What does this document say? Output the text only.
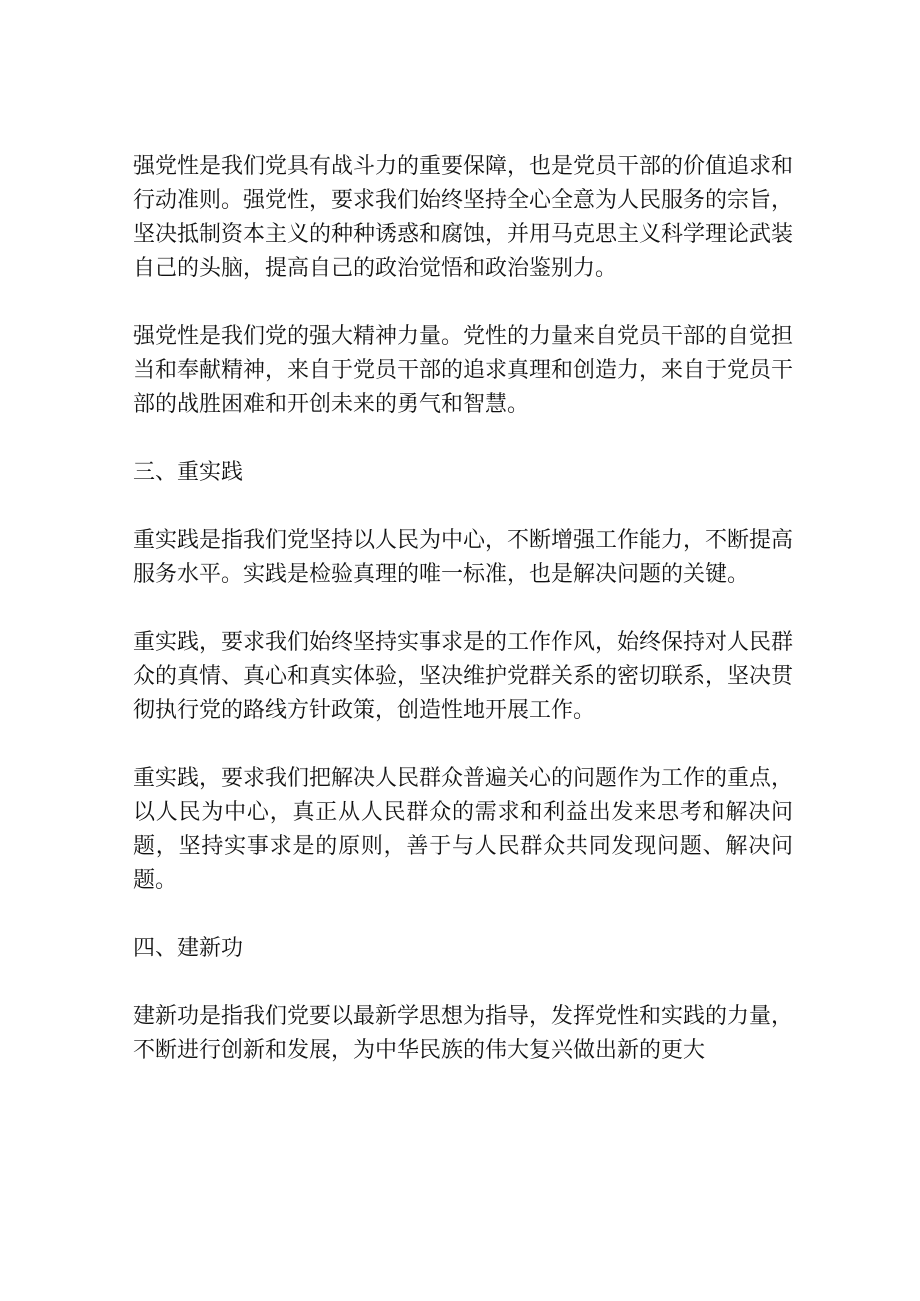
强党性是我们党具有战斗力的重要保障，也是党员干部的价值追求和行动准则。强党性，要求我们始终坚持全心全意为人民服务的宗旨，坚决抵制资本主义的种种诱惑和腐蚀，并用马克思主义科学理论武装自己的头脑，提高自己的政治觉悟和政治鉴别力。

强党性是我们党的强大精神力量。党性的力量来自党员干部的自觉担当和奉献精神，来自于党员干部的追求真理和创造力，来自于党员干部的战胜困难和开创未来的勇气和智慧。

三、重实践

重实践是指我们党坚持以人民为中心，不断增强工作能力，不断提高服务水平。实践是检验真理的唯一标准，也是解决问题的关键。

重实践，要求我们始终坚持实事求是的工作作风，始终保持对人民群众的真情、真心和真实体验，坚决维护党群关系的密切联系，坚决贯彻执行党的路线方针政策，创造性地开展工作。

重实践，要求我们把解决人民群众普遍关心的问题作为工作的重点，以人民为中心，真正从人民群众的需求和利益出发来思考和解决问题，坚持实事求是的原则，善于与人民群众共同发现问题、解决问题。

四、建新功

建新功是指我们党要以最新学思想为指导，发挥党性和实践的力量，不断进行创新和发展，为中华民族的伟大复兴做出新的更大
